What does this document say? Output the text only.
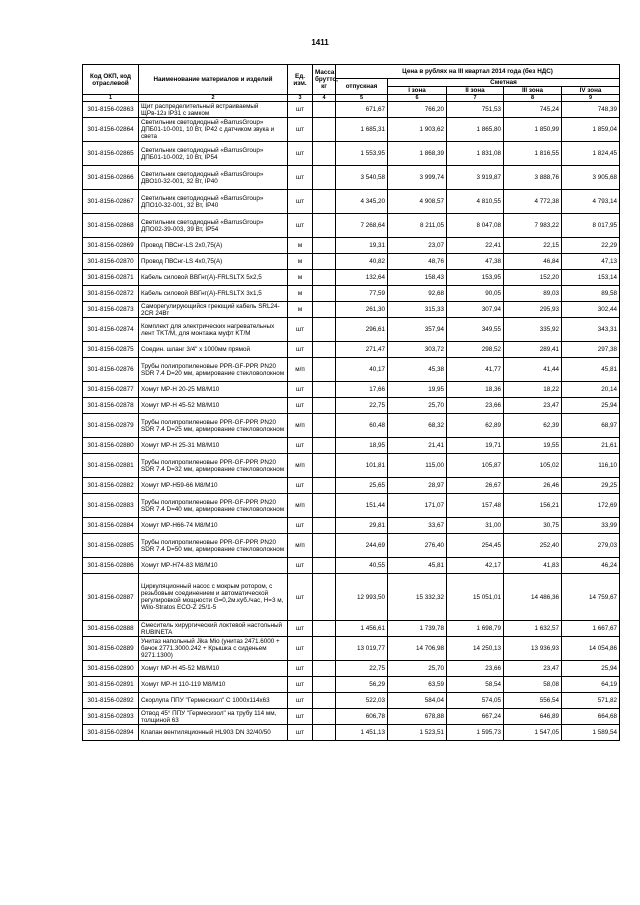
1411
Код ОКП, код отраслевой	Наименование материалов и изделий	Ед. изм.	Масса брутто, кг	Цена в рублях на III квартал 2014 года (без НДС)				
				отпускная	Сметная			
					I зона	II зона	III зона	IV зона
1	2	3	4	5	6	7	8	9
301-8156-02863	Щит распределительный встраиваемый ЩРв-12з IP31 с замком	шт		671,67	766,20	751,53	745,24	748,39
301-8156-02864	Светильник светодиодный «BarrusGroup» ДПБ01-10-001, 10 Вт, IP42 с датчиком звука и света	шт		1 685,31	1 903,62	1 865,80	1 850,99	1 859,04
301-8156-02865	Светильник светодиодный «BarrusGroup» ДПБ01-10-002, 10 Вт, IP54	шт		1 553,95	1 868,39	1 831,08	1 816,55	1 824,45
301-8156-02866	Светильник светодиодный «BarrusGroup» ДВО10-32-001, 32 Вт, IP40	шт		3 540,58	3 999,74	3 919,87	3 888,76	3 905,68
301-8156-02867	Светильник светодиодный «BarrusGroup» ДПО10-32-001, 32 Вт, IP40	шт		4 345,20	4 908,57	4 810,55	4 772,38	4 793,14
301-8156-02868	Светильник светодиодный «BarrusGroup» ДПО02-39-003, 39 Вт, IP54	шт		7 268,64	8 211,05	8 047,08	7 983,22	8 017,95
301-8156-02869	Провод ПВСнг-LS 2х0,75(А)	м		19,31	23,07	22,41	22,15	22,29
301-8156-02870	Провод ПВСнг-LS 4х0,75(А)	м		40,82	48,76	47,38	46,84	47,13
301-8156-02871	Кабель силовой ВВГнг(А)-FRLSLTX 5х2,5	м		132,64	158,43	153,95	152,20	153,14
301-8156-02872	Кабель силовой ВВГнг(А)-FRLSLTX 3х1,5	м		77,59	92,68	90,05	89,03	89,58
301-8156-02873	Саморегулирующийся греющий кабель SRL24-2CR 24Вт	м		261,30	315,33	307,94	295,93	302,44
301-8156-02874	Комплект для электрических нагревательных лент TKT/M, для монтажа муфт KT/M	шт		296,61	357,94	349,55	335,92	343,31
301-8156-02875	Соедин. шланг 3/4" х 1000мм прямой	шт		271,47	303,72	298,52	289,41	297,38
301-8156-02876	Трубы полипропиленовые PPR-GF-PPR PN20 SDR 7.4 D=20 мм, армирование стекловолокном	м/п		40,17	45,38	41,77	41,44	45,81
301-8156-02877	Хомут MP-H 20-25 M8/M10	шт		17,66	19,95	18,36	18,22	20,14
301-8156-02878	Хомут MP-H 45-52 M8/M10	шт		22,75	25,70	23,66	23,47	25,94
301-8156-02879	Трубы полипропиленовые PPR-GF-PPR PN20 SDR 7.4 D=25 мм, армирование стекловолокном	м/п		60,48	68,32	62,89	62,39	68,97
301-8156-02880	Хомут MP-H 25-31 M8/M10	шт		18,95	21,41	19,71	19,55	21,61
301-8156-02881	Трубы полипропиленовые PPR-GF-PPR PN20 SDR 7.4 D=32 мм, армирование стекловолокном	м/п		101,81	115,00	105,87	105,02	116,10
301-8156-02882	Хомут MP-H59-66 M8/M10	шт		25,65	28,97	26,67	26,46	29,25
301-8156-02883	Трубы полипропиленовые PPR-GF-PPR PN20 SDR 7.4 D=40 мм, армирование стекловолокном	м/п		151,44	171,07	157,48	156,21	172,69
301-8156-02884	Хомут MP-H66-74 M8/M10	шт		29,81	33,67	31,00	30,75	33,99
301-8156-02885	Трубы полипропиленовые PPR-GF-PPR PN20 SDR 7.4 D=50 мм, армирование стекловолокном	м/п		244,69	276,40	254,45	252,40	279,03
301-8156-02886	Хомут MP-H74-83 M8/M10	шт		40,55	45,81	42,17	41,83	46,24
301-8156-02887	Циркуляционный насос с мокрым ротором, с резьбовым соединением и автоматической регулировкой мощности G=0,2м.куб./час, H=3 м, Wilo-Stratos ECO-Z 25/1-5	шт		12 993,50	15 332,32	15 051,01	14 486,36	14 759,67
301-8156-02888	Смеситель хирургический локтевой настольный RUBINETA	шт		1 456,61	1 739,78	1 698,79	1 632,57	1 667,67
301-8156-02889	Унитаз напольный Jika Mio (унитаз 2471.6000 + бачок 2771.3000.242 + Крышка с сиденьем 9271.1300)	шт		13 019,77	14 706,98	14 250,13	13 936,93	14 054,86
301-8156-02890	Хомут MP-H 45-52 M8/M10	шт		22,75	25,70	23,66	23,47	25,94
301-8156-02891	Хомут MP-H 110-119 M8/M10	шт		56,29	63,59	58,54	58,08	64,19
301-8156-02892	Скорлупа ППУ "Гермесизол" С 1000х114х63	шт		522,03	584,04	574,05	556,54	571,82
301-8156-02893	Отвод 45° ППУ "Гермесизол" на трубу 114 мм, толщиной 63	шт		606,78	678,88	667,24	646,89	664,68
301-8156-02894	Клапан вентиляционный HL903 DN 32/40/50	шт		1 451,13	1 523,51	1 595,73	1 547,05	1 589,54
